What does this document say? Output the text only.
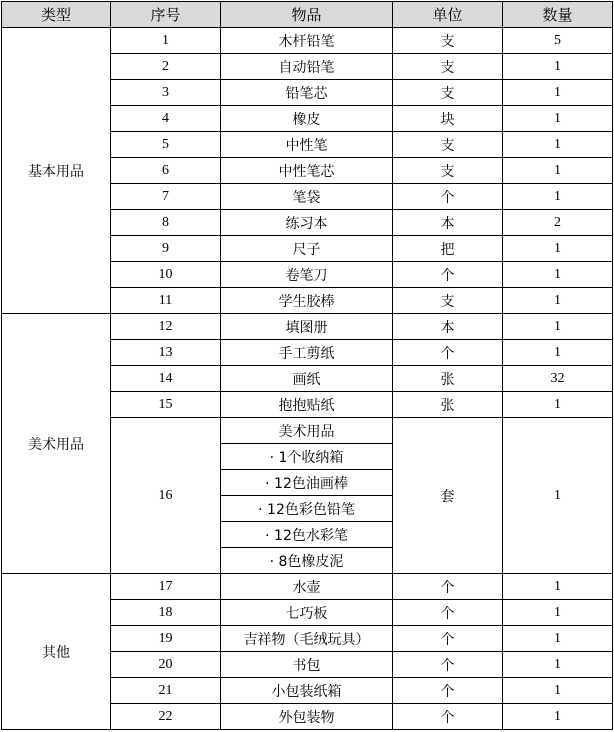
类型	序号	物品	单位	数量
基本用品	1	木杆铅笔	支	5
	2	自动铅笔	支	1
	3	铅笔芯	支	1
	4	橡皮	块	1
	5	中性笔	支	1
	6	中性笔芯	支	1
	7	笔袋	个	1
	8	练习本	本	2
	9	尺子	把	1
	10	卷笔刀	个	1
	11	学生胶棒	支	1
美术用品	12	填图册	本	1
	13	手工剪纸	个	1
	14	画纸	张	32
	15	抱抱贴纸	张	1
	16	美术用品	套	1
		· 1个收纳箱		
		· 12色油画棒		
		· 12色彩色铅笔		
		· 12色水彩笔		
		· 8色橡皮泥		
其他	17	水壶	个	1
	18	七巧板	个	1
	19	吉祥物（毛绒玩具）	个	1
	20	书包	个	1
	21	小包装纸箱	个	1
	22	外包装物	个	1
